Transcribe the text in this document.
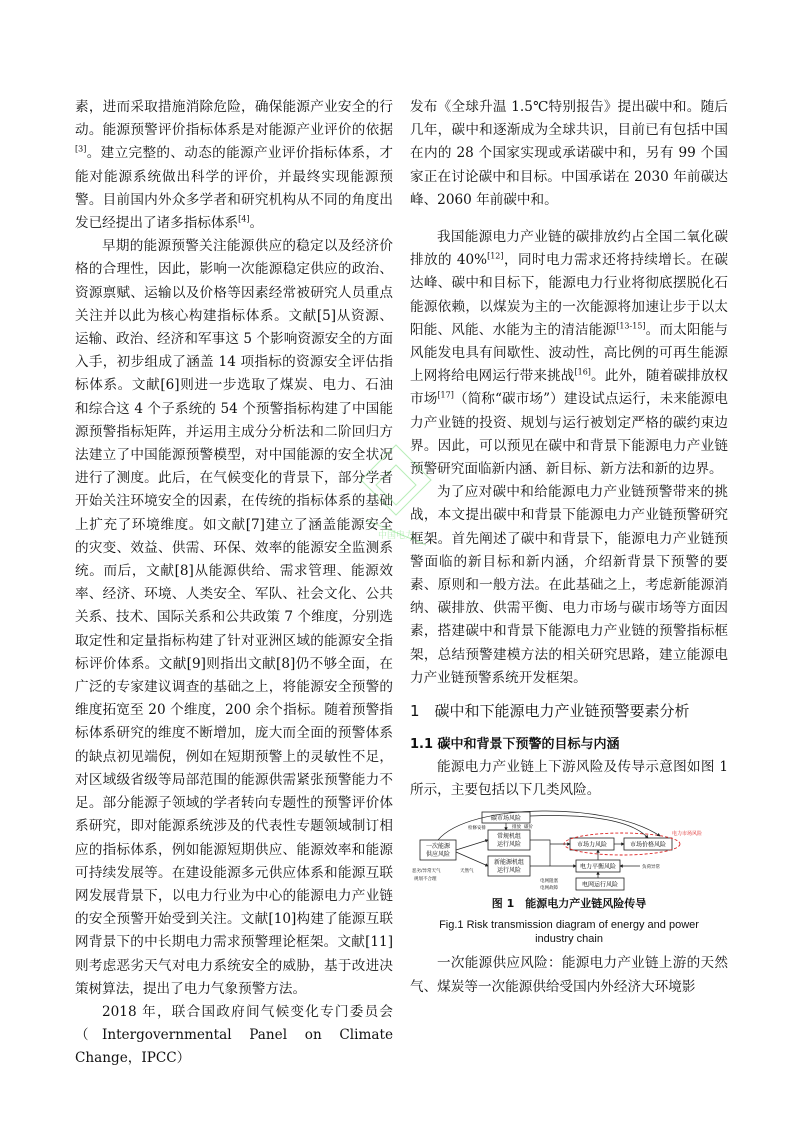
素，进而采取措施消除危险，确保能源产业安全的行动。能源预警评价指标体系是对能源产业评价的依据[3]。建立完整的、动态的能源产业评价指标体系，才能对能源系统做出科学的评价，并最终实现能源预警。目前国内外众多学者和研究机构从不同的角度出发已经提出了诸多指标体系[4]。

早期的能源预警关注能源供应的稳定以及经济价格的合理性，因此，影响一次能源稳定供应的政治、资源禀赋、运输以及价格等因素经常被研究人员重点关注并以此为核心构建指标体系。文献[5]从资源、运输、政治、经济和军事这 5 个影响资源安全的方面入手，初步组成了涵盖 14 项指标的资源安全评估指标体系。文献[6]则进一步选取了煤炭、电力、石油和综合这 4 个子系统的 54 个预警指标构建了中国能源预警指标矩阵，并运用主成分分析法和二阶回归方法建立了中国能源预警模型，对中国能源的安全状况进行了测度。此后，在气候变化的背景下，部分学者开始关注环境安全的因素，在传统的指标体系的基础上扩充了环境维度。如文献[7]建立了涵盖能源安全的灾变、效益、供需、环保、效率的能源安全监测系统。而后，文献[8]从能源供给、需求管理、能源效率、经济、环境、人类安全、军队、社会文化、公共关系、技术、国际关系和公共政策 7 个维度，分别选取定性和定量指标构建了针对亚洲区域的能源安全指标评价体系。文献[9]则指出文献[8]仍不够全面，在广泛的专家建议调查的基础之上，将能源安全预警的维度拓宽至 20 个维度，200 余个指标。随着预警指标体系研究的维度不断增加，庞大而全面的预警体系的缺点初见端倪，例如在短期预警上的灵敏性不足，对区域级省级等局部范围的能源供需紧张预警能力不足。部分能源子领域的学者转向专题性的预警评价体系研究，即对能源系统涉及的代表性专题领域制订相应的指标体系，例如能源短期供应、能源效率和能源可持续发展等。在建设能源多元供应体系和能源互联网发展背景下，以电力行业为中心的能源电力产业链的安全预警开始受到关注。文献[10]构建了能源互联网背景下的中长期电力需求预警理论框架。文献[11]则考虑恶劣天气对电力系统安全的威胁，基于改进决策树算法，提出了电力气象预警方法。

2018 年，联合国政府间气候变化专门委员会（Intergovernmental Panel on Climate Change，IPCC）

发布《全球升温 1.5℃特别报告》提出碳中和。随后几年，碳中和逐渐成为全球共识，目前已有包括中国在内的 28 个国家实现或承诺碳中和，另有 99 个国家正在讨论碳中和目标。中国承诺在 2030 年前碳达峰、2060 年前碳中和。

我国能源电力产业链的碳排放约占全国二氧化碳排放的 40%[12]，同时电力需求还将持续增长。在碳达峰、碳中和目标下，能源电力行业将彻底摆脱化石能源依赖，以煤炭为主的一次能源将加速让步于以太阳能、风能、水能为主的清洁能源[13-15]。而太阳能与风能发电具有间歇性、波动性，高比例的可再生能源上网将给电网运行带来挑战[16]。此外，随着碳排放权市场[17]（简称“碳市场”）建设试点运行，未来能源电力产业链的投资、规划与运行被划定严格的碳约束边界。因此，可以预见在碳中和背景下能源电力产业链预警研究面临新内涵、新目标、新方法和新的边界。

为了应对碳中和给能源电力产业链预警带来的挑战，本文提出碳中和背景下能源电力产业链预警研究框架。首先阐述了碳中和背景下，能源电力产业链预警面临的新目标和新内涵，介绍新背景下预警的要素、原则和一般方法。在此基础之上，考虑新能源消纳、碳排放、供需平衡、电力市场与碳市场等方面因素，搭建碳中和背景下能源电力产业链的预警指标框架，总结预警建模方法的相关研究思路，建立能源电力产业链预警系统开发框架。

1　碳中和下能源电力产业链预警要素分析
1.1 碳中和背景下预警的目标与内涵

能源电力产业链上下游风险及传导示意图如图 1 所示，主要包括以下几类风险。

碳市场风险
一次能源
供应风险
常规机组
运行风险
新能源机组
运行风险
市场力风险	市场价格风险
电力平衡风险
电网运行风险
电力市场风险
检修安排	排放 碳价
恶劣/异常天气	天然气
规划不合理
负荷异常
电网阻塞
电网故障
图 1　能源电力产业链风险传导
Fig.1 Risk transmission diagram of energy and power industry chain

一次能源供应风险：能源电力产业链上游的天然气、煤炭等一次能源供给受国内外经济大环境影

中国电力
